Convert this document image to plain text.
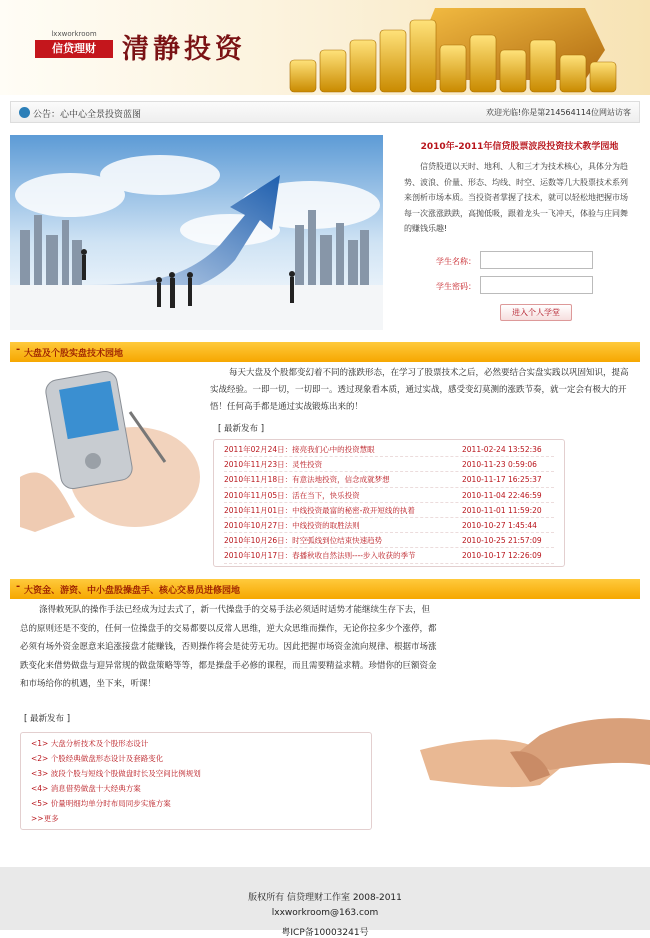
lxxworkroom
信贷理财 清静投资
公告：心中心全景投资蓝图	欢迎光临!你是第214564114位网站访客
2010年-2011年信贷股票波段投资技术教学园地
信贷股道以天时、地利、人和三才为技术核心，具体分为趋势、波浪、价量、形态、均线、时空、运数等几大股票技术系列来剖析市场本质。当投资者掌握了技术，就可以轻松地把握市场每一次涨涨跌跌，高抛低吸，跟着龙头一飞冲天，体验与庄同舞的赚钱乐趣!
学生名称：
学生密码：
进入个人学堂
- 大盘及个股实盘技术园地
每天大盘及个股都变幻着不同的涨跌形态，在学习了股票技术之后，必然要结合实盘实践以巩固知识，提高实战经验。一即一切，一切即一。透过现象看本质，通过实战，感受变幻莫测的涨跌节奏，就一定会有极大的开悟！任何高手都是通过实战锻炼出来的！
[ 最新发布 ]
2011年02月24日：接亮我们心中的投资慧眼	2011-02-24 13:52:36
2010年11月23日：灵性投资	2010-11-23 0:59:06
2010年11月18日：有意法地投资，信念成就梦想	2010-11-17 16:25:37
2010年11月05日：活在当下，快乐投资	2010-11-04 22:46:59
2010年11月01日：中线投资最富的秘密-敌开短线的执着	2010-11-01 11:59:20
2010年10月27日：中线投资的取胜法则	2010-10-27 1:45:44
2010年10月26日：时空弧线到位结束快速趋势	2010-10-25 21:57:09
2010年10月17日：春播秋收自然法则----步入收获的季节	2010-10-17 12:26:09
- 大资金、游资、中小盘股操盘手、核心交易员进修园地
涤得敕死队的操作手法已经成为过去式了，新一代操盘手的交易手法必须适时适势才能继续生存下去，但总的原则还是不变的，任何一位操盘手的交易都要以反常人思维，逆大众思维而操作，无论你拉多少个涨停，都必须有场外资金愿意来追涨接盘才能赚钱，否则操作将会是徒劳无功。因此把握市场资金流向规律、根据市场涨跌变化来借势做盘与迎异常规的做盘策略等等，都是操盘手必修的课程，而且需要精益求精。珍惜你的巨额资金和市场给你的机遇，坐下来，听课！
[ 最新发布 ]
<1> 大盘分析技术及个股形态设计
<2> 个股经典做盘形态设计及套路变化
<3> 波段个股与短线个股做盘时长及空间比例规划
<4> 消息借势做盘十大经典方案
<5> 价量明细均单分时布局同步实施方案
>>更多
版权所有 信贷理财工作室 2008-2011
lxxworkroom@163.com
粤ICP备10003241号
